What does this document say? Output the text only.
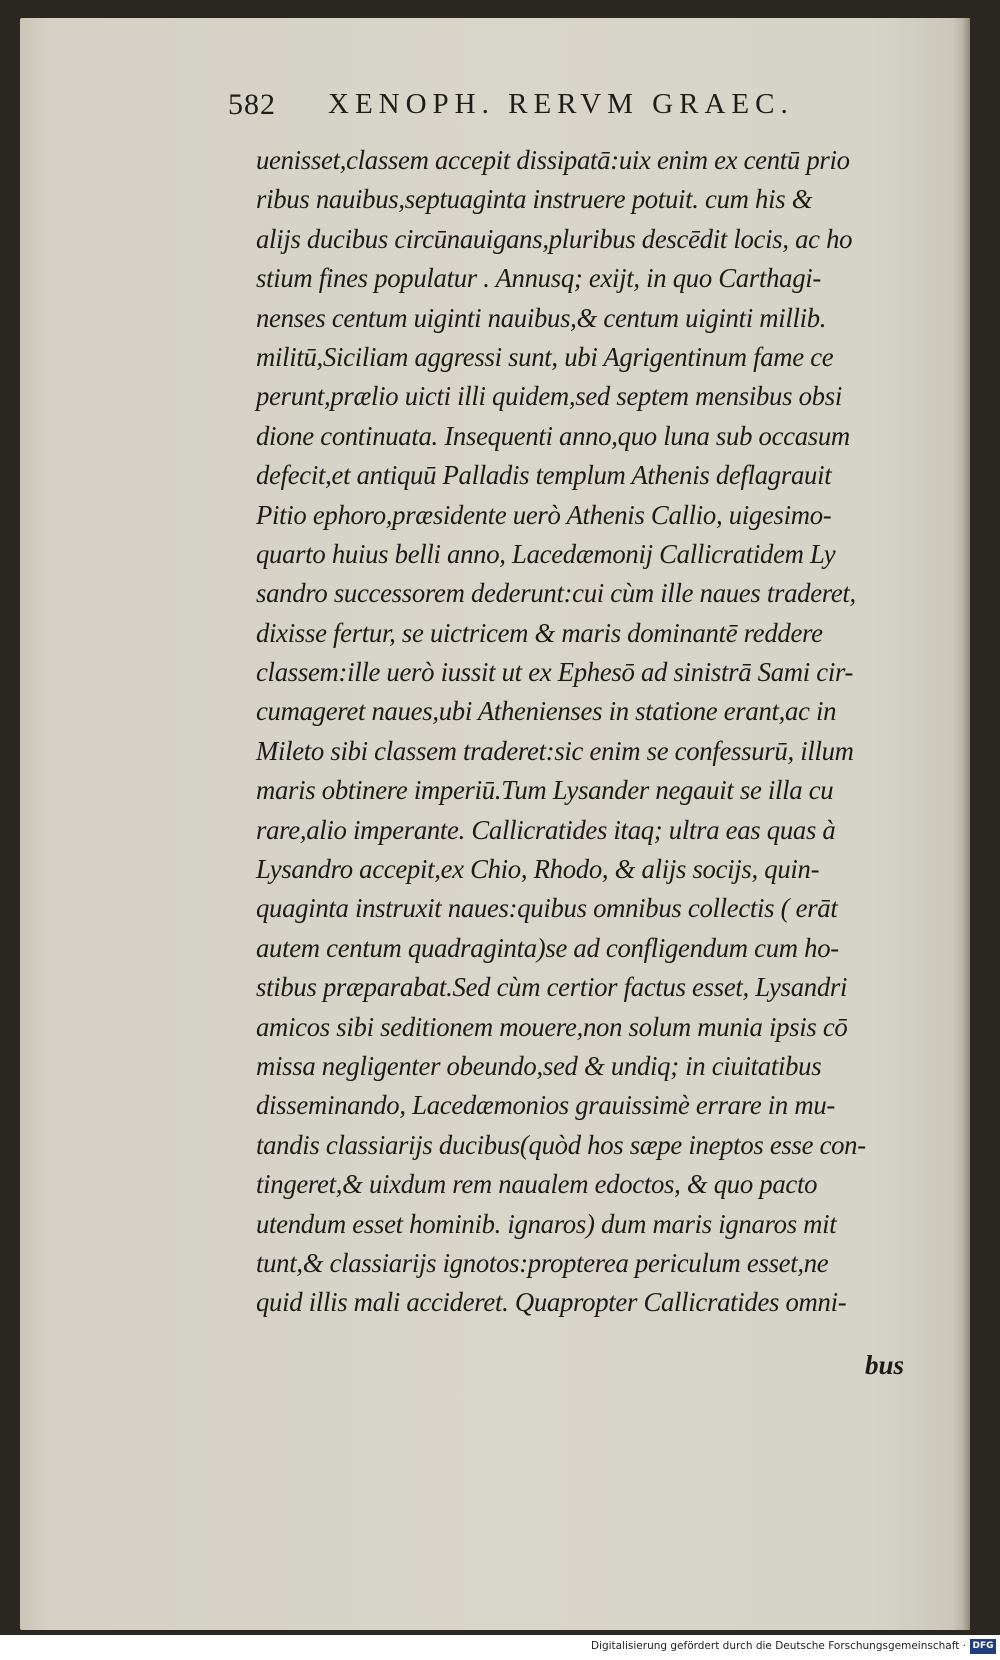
582 XENOPH. RERVM GRAEC.
uenisset,classem accepit dissipatā:uix enim ex centū prio
ribus nauibus,septuaginta instruere potuit. cum his &
alijs ducibus circūnauigans,pluribus descēdit locis, ac ho
stium fines populatur . Annusq; exijt, in quo Carthagi-
nenses centum uiginti nauibus,& centum uiginti millib.
militū,Siciliam aggressi sunt, ubi Agrigentinum fame ce
perunt,prælio uicti illi quidem,sed septem mensibus obsi
dione continuata. Insequenti anno,quo luna sub occasum
defecit,et antiquū Palladis templum Athenis deflagrauit
Pitio ephoro,præsidente uerò Athenis Callio, uigesimo-
quarto huius belli anno, Lacedæmonij Callicratidem Ly
sandro successorem dederunt:cui cùm ille naues traderet,
dixisse fertur, se uictricem & maris dominantē reddere
classem:ille uerò iussit ut ex Ephesō ad sinistrā Sami cir-
cumageret naues,ubi Athenienses in statione erant,ac in
Mileto sibi classem traderet:sic enim se confessurū, illum
maris obtinere imperiū.Tum Lysander negauit se illa cu
rare,alio imperante. Callicratides itaq; ultra eas quas à
Lysandro accepit,ex Chio, Rhodo, & alijs socijs, quin-
quaginta instruxit naues:quibus omnibus collectis ( erāt
autem centum quadraginta)se ad confligendum cum ho-
stibus præparabat.Sed cùm certior factus esset, Lysandri
amicos sibi seditionem mouere,non solum munia ipsis cō
missa negligenter obeundo,sed & undiq; in ciuitatibus
disseminando, Lacedæmonios grauissimè errare in mu-
tandis classiarijs ducibus(quòd hos sæpe ineptos esse con-
tingeret,& uixdum rem naualem edoctos, & quo pacto
utendum esset hominib. ignaros) dum maris ignaros mit
tunt,& classiarijs ignotos:propterea periculum esset,ne
quid illis mali accideret. Quapropter Callicratides omni-
bus
Digitalisierung gefördert durch die Deutsche Forschungsgemeinschaft · DFG
